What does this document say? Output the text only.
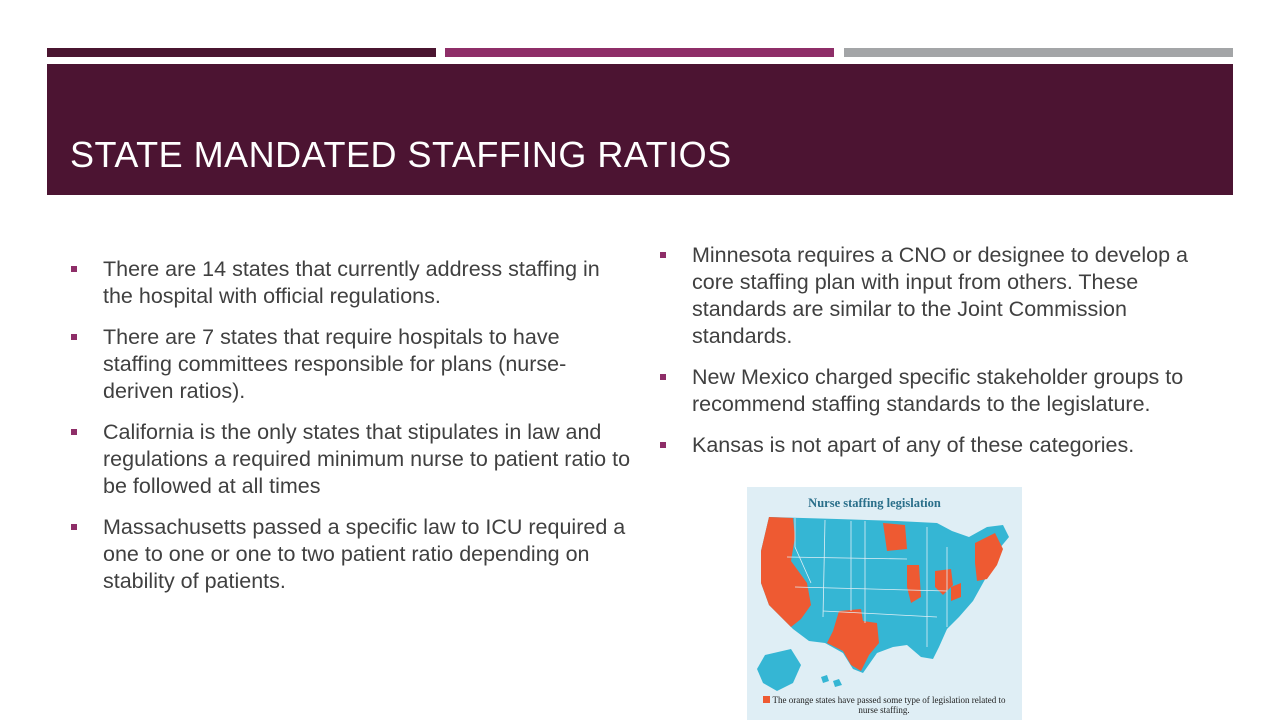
STATE MANDATED STAFFING RATIOS
There are 14 states that currently address staffing in the hospital with official regulations.
There are 7 states that require hospitals to have staffing committees responsible for plans (nurse- deriven ratios).
California is the only states that stipulates in law and regulations a required minimum nurse to patient ratio to be followed at all times
Massachusetts passed a specific law to ICU required a one to one or one to two patient ratio depending on stability of patients.
Minnesota requires a CNO or designee to develop a core staffing plan with input from others. These standards are similar to the Joint Commission standards.
New Mexico charged specific stakeholder groups to recommend staffing standards to the legislature.
Kansas is not apart of any of these categories.
Nurse staffing legislation
The orange states have passed some type of legislation related to nurse staffing.
